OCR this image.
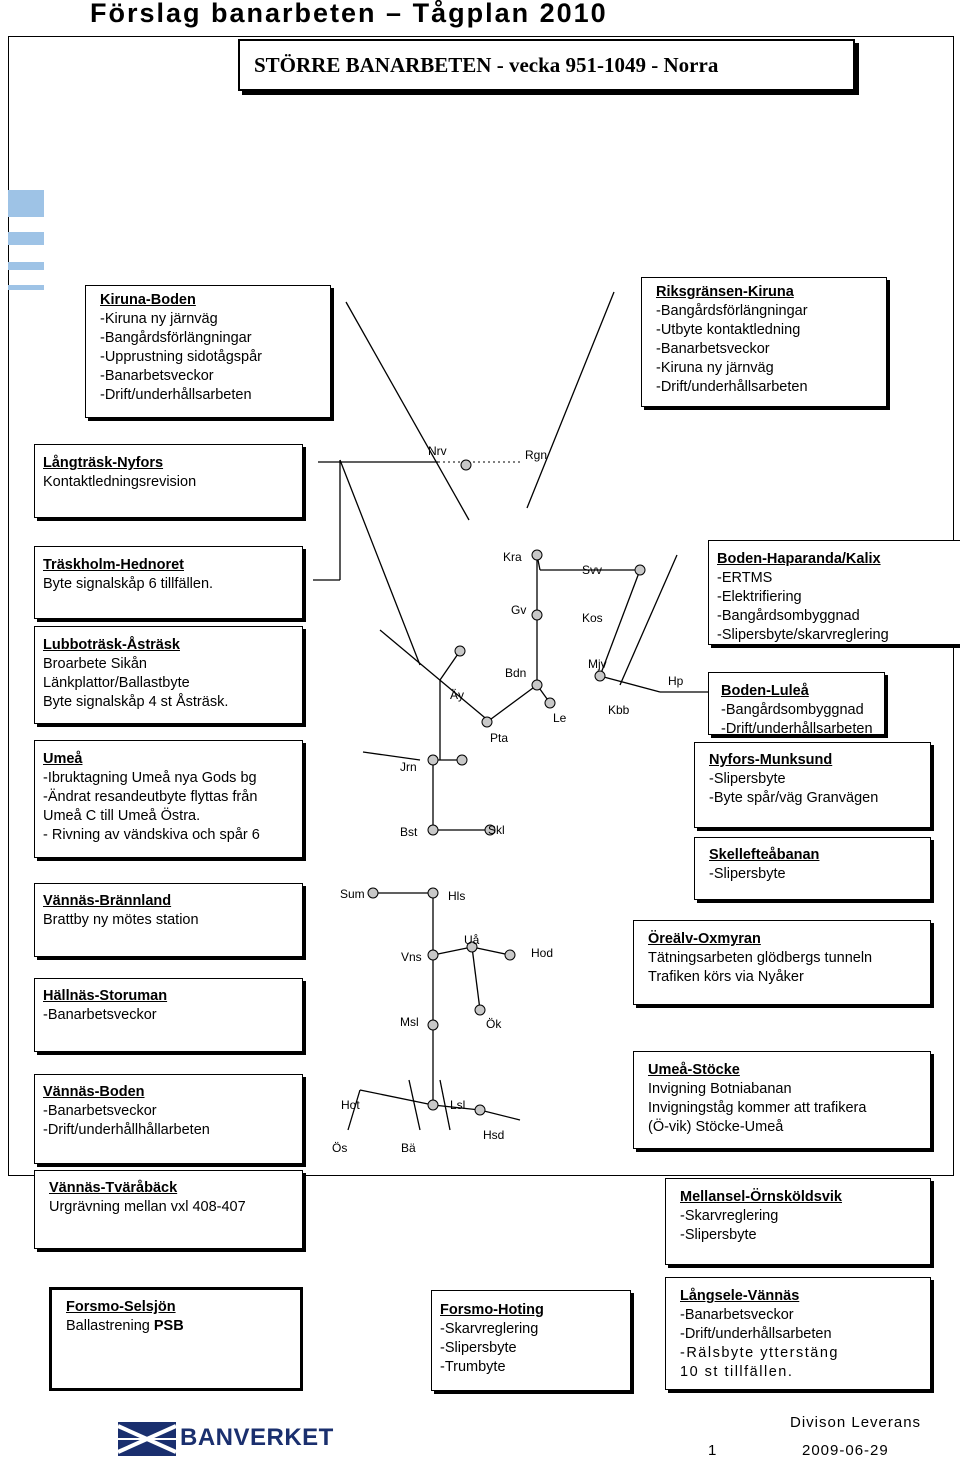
Förslag banarbeten – Tågplan 2010
STÖRRE BANARBETEN - vecka 951-1049 - Norra
Nrv	Rgn
Kra
Svv
Gv
Kos
Mjv
Bdn
Hp
Äy
Le
Kbb
Pta
Jrn
Bst	Skl
Sum	Hls
Uå
Vns	Hod
Msl	Ök
Hot	Lsl
Hsd
Ös	Bä
Kiruna-Boden
-Kiruna ny järnväg
-Bangårdsförlängningar
-Upprustning sidotågspår
-Banarbetsveckor
-Drift/underhållsarbeten
Riksgränsen-Kiruna
-Bangårdsförlängningar
-Utbyte kontaktledning
-Banarbetsveckor
-Kiruna ny järnväg
-Drift/underhållsarbeten
Långträsk-Nyfors
Kontaktledningsrevision
Träskholm-Hednoret
Byte signalskåp 6 tillfällen.
Lubboträsk-Åsträsk
Broarbete Sikån
Länkplattor/Ballastbyte
Byte signalskåp 4 st Åsträsk.
Umeå
-Ibruktagning Umeå nya Gods bg
-Ändrat resandeutbyte flyttas från
Umeå C till Umeå Östra.
- Rivning av vändskiva och spår 6
Vännäs-Brännland
Brattby ny mötes station
Hällnäs-Storuman
-Banarbetsveckor
Vännäs-Boden
-Banarbetsveckor
-Drift/underhållhållarbeten
Vännäs-Tväråbäck
Urgrävning mellan vxl 408-407
Forsmo-Selsjön
Ballastrening PSB
Forsmo-Hoting
-Skarvreglering
-Slipersbyte
-Trumbyte
Boden-Haparanda/Kalix
-ERTMS
-Elektrifiering
-Bangårdsombyggnad
-Slipersbyte/skarvreglering
Boden-Luleå
-Bangårdsombyggnad
-Drift/underhållsarbeten
Nyfors-Munksund
-Slipersbyte
-Byte spår/väg Granvägen
Skellefteåbanan
-Slipersbyte
Öreälv-Oxmyran
Tätningsarbeten glödbergs tunneln
Trafiken körs via Nyåker
Umeå-Stöcke
Invigning Botniabanan
Invigningståg kommer att trafikera
(Ö-vik) Stöcke-Umeå
Mellansel-Örnsköldsvik
-Skarvreglering
-Slipersbyte
Långsele-Vännäs
-Banarbetsveckor
-Drift/underhållsarbeten
-Rälsbyte ytterstäng
10 st tillfällen.
BANVERKET
Divison Leverans
1	2009-06-29
